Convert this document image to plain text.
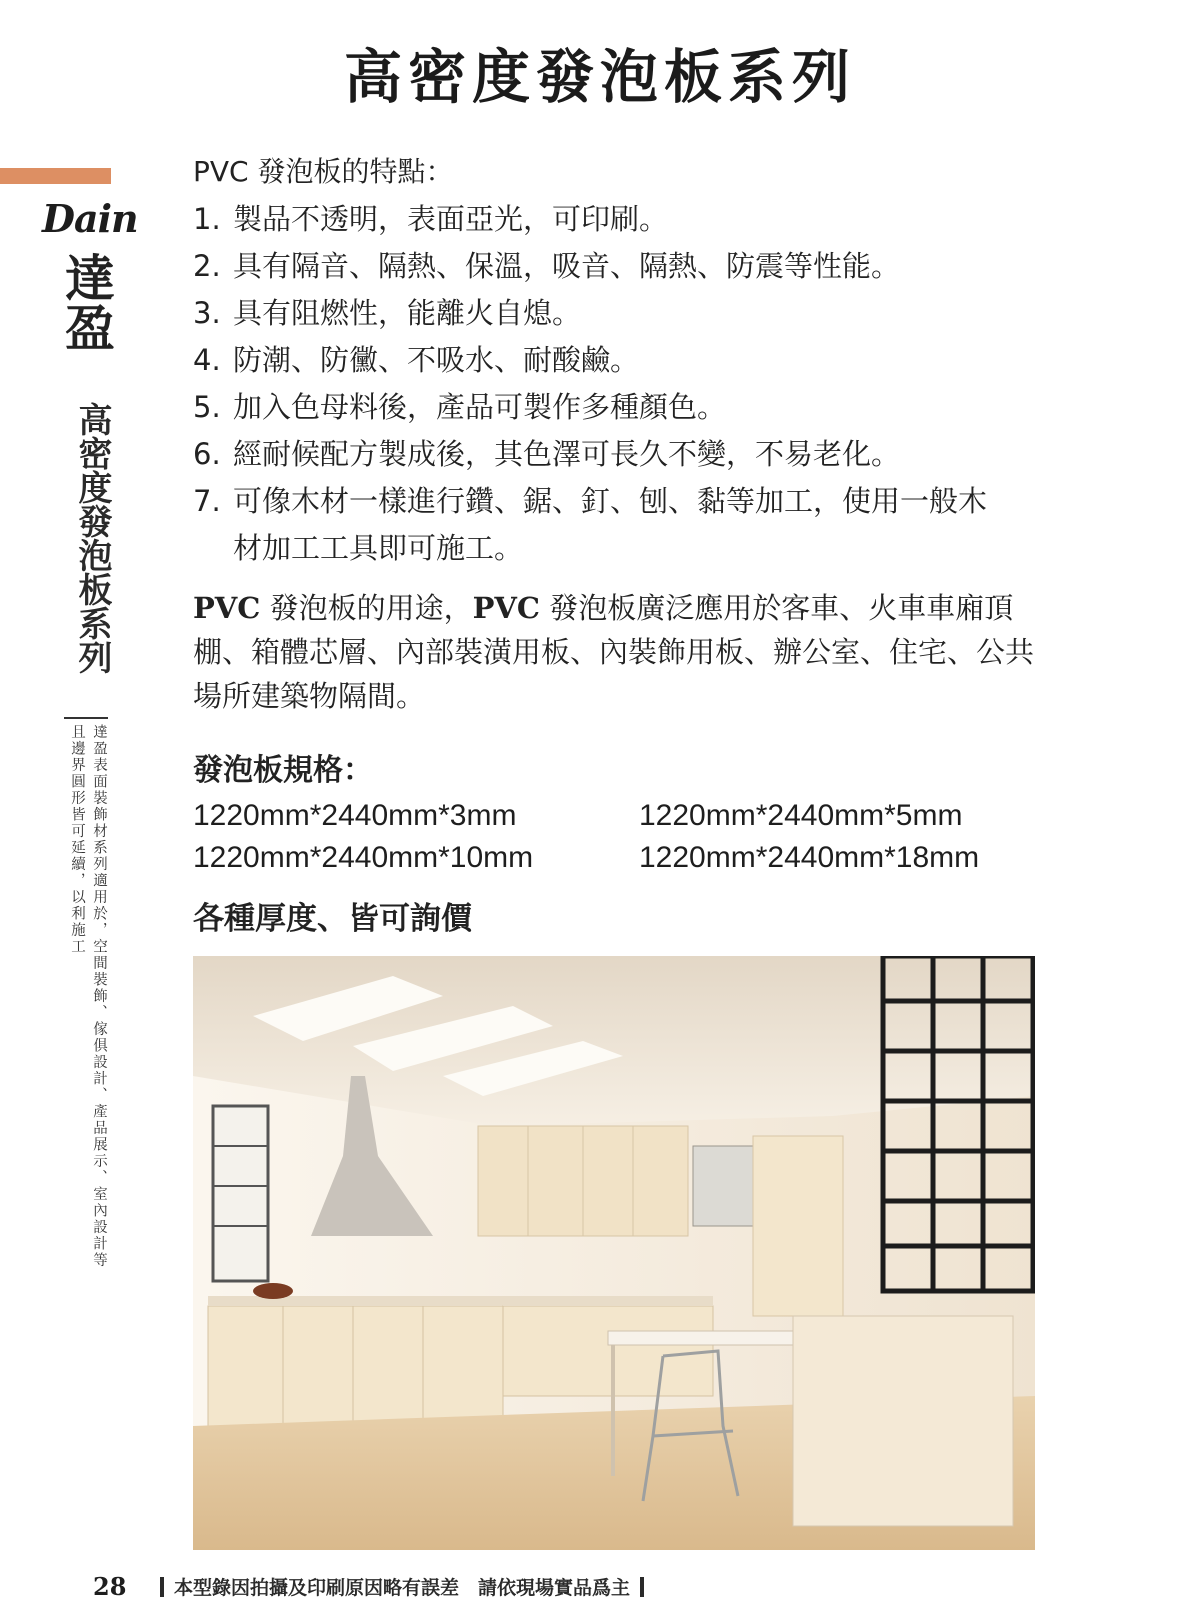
高密度發泡板系列
Dain
達盈
高密度發泡板系列
達盈表面裝飾材系列適用於，空間裝飾、傢俱設計、產品展示、室內設計等
且邊界圓形皆可延續，以利施工
PVC 發泡板的特點：
1. 製品不透明，表面亞光，可印刷。
2. 具有隔音、隔熱、保溫，吸音、隔熱、防震等性能。
3. 具有阻燃性，能離火自熄。
4. 防潮、防黴、不吸水、耐酸鹼。
5. 加入色母料後，產品可製作多種顏色。
6. 經耐候配方製成後，其色澤可長久不變，不易老化。
7. 可像木材一樣進行鑽、鋸、釘、刨、黏等加工，使用一般木材加工工具即可施工。

PVC 發泡板的用途，PVC 發泡板廣泛應用於客車、火車車廂頂棚、箱體芯層、內部裝潢用板、內裝飾用板、辦公室、住宅、公共場所建築物隔間。

發泡板規格：
1220mm*2440mm*3mm	1220mm*2440mm*5mm
1220mm*2440mm*10mm	1220mm*2440mm*18mm
各種厚度、皆可詢價
28	本型錄因拍攝及印刷原因略有誤差　請依現場實品爲主
